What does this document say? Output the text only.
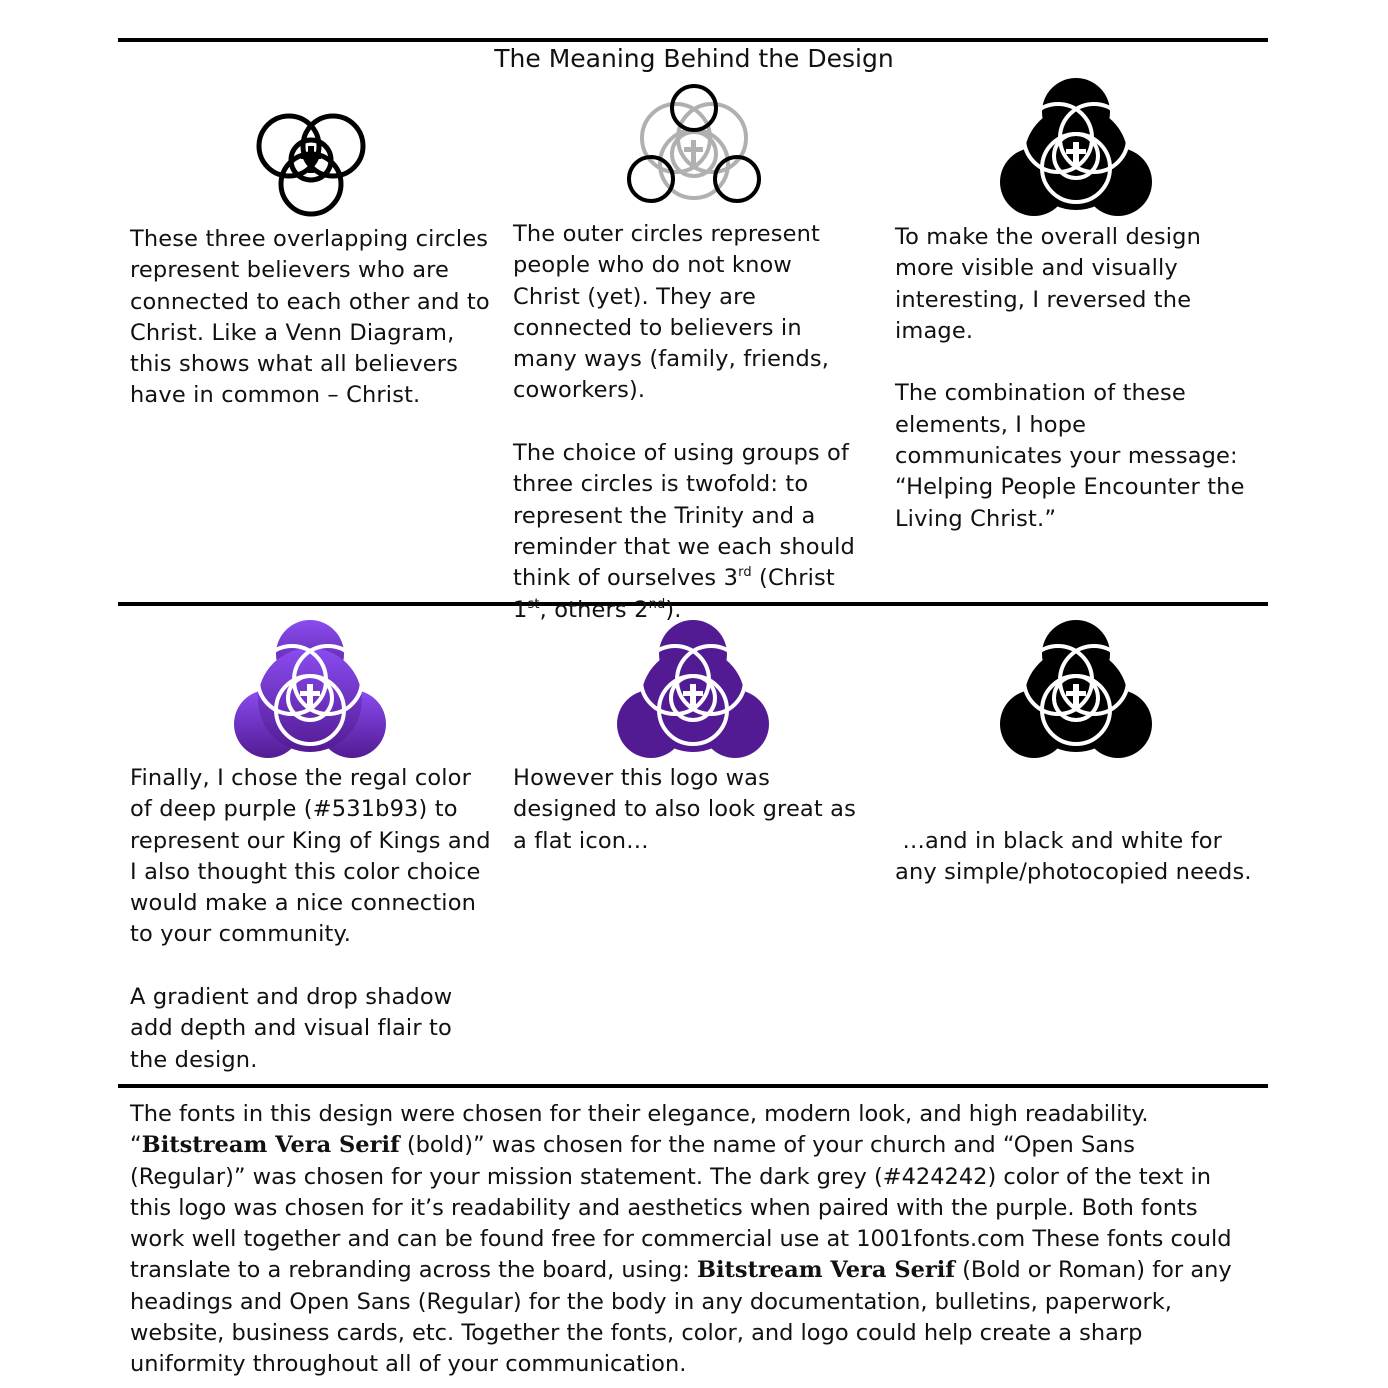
The Meaning Behind the Design

These three overlapping circles represent believers who are connected to each other and to Christ. Like a Venn Diagram, this shows what all believers have in common – Christ.

The outer circles represent people who do not know Christ (yet). They are connected to believers in many ways (family, friends, coworkers).

The choice of using groups of three circles is twofold: to represent the Trinity and a reminder that we each should think of ourselves 3rd (Christ 1st, others 2nd).

To make the overall design more visible and visually interesting, I reversed the image.

The combination of these elements, I hope communicates your message: “Helping People Encounter the Living Christ.”

Finally, I chose the regal color of deep purple (#531b93) to represent our King of Kings and I also thought this color choice would make a nice connection to your community.

A gradient and drop shadow add depth and visual flair to the design.

However this logo was designed to also look great as a flat icon…

	…and in black and white for any simple/photocopied needs.

The fonts in this design were chosen for their elegance, modern look, and high readability. “Bitstream Vera Serif (bold)” was chosen for the name of your church and “Open Sans (Regular)” was chosen for your mission statement. The dark grey (#424242) color of the text in this logo was chosen for it’s readability and aesthetics when paired with the purple. Both fonts work well together and can be found free for commercial use at 1001fonts.com These fonts could translate to a rebranding across the board, using: Bitstream Vera Serif (Bold or Roman) for any headings and Open Sans (Regular) for the body in any documentation, bulletins, paperwork, website, business cards, etc. Together the fonts, color, and logo could help create a sharp uniformity throughout all of your communication.
